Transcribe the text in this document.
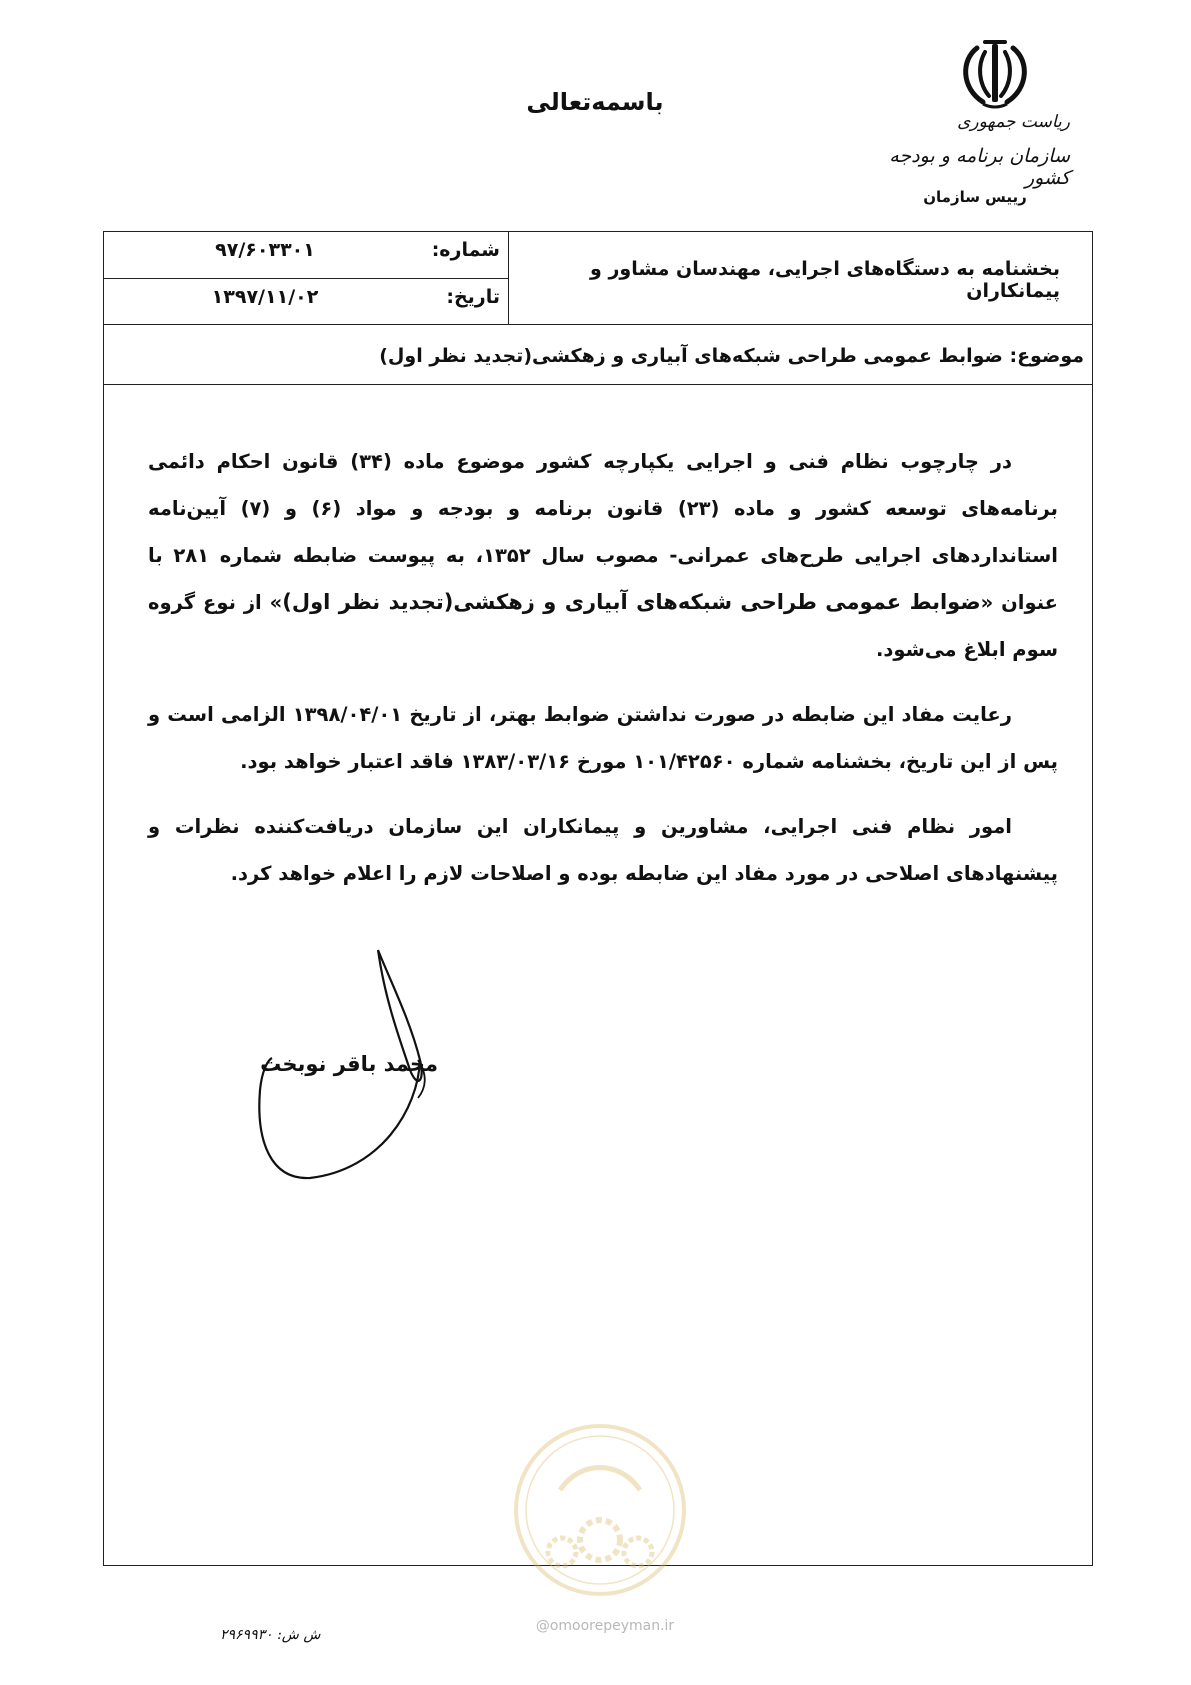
باسمه‌تعالی
ریاست جمهوری
سازمان برنامه و بودجه کشور
رییس سازمان
بخشنامه به دستگاه‌های اجرایی، مهندسان مشاور و پیمانکاران
شماره:
۹۷/۶۰۳۳۰۱
تاریخ:
۱۳۹۷/۱۱/۰۲
موضوع: ضوابط عمومی طراحی شبکه‌های آبیاری و زهکشی(تجدید نظر اول)

در چارچوب نظام فنی و اجرایی یکپارچه کشور موضوع ماده (۳۴) قانون احکام دائمی برنامه‌های توسعه کشور و ماده (۲۳) قانون برنامه و بودجه و مواد (۶) و (۷) آیین‌نامه استانداردهای اجرایی طرح‌های عمرانی- مصوب سال ۱۳۵۲، به پیوست ضابطه شماره ۲۸۱ با عنوان «ضوابط عمومی طراحی شبکه‌های آبیاری و زهکشی(تجدید نظر اول)» از نوع گروه سوم ابلاغ می‌شود.

رعایت مفاد این ضابطه در صورت نداشتن ضوابط بهتر، از تاریخ ۱۳۹۸/۰۴/۰۱ الزامی است و پس از این تاریخ، بخشنامه شماره ۱۰۱/۴۲۵۶۰ مورخ ۱۳۸۳/۰۳/۱۶ فاقد اعتبار خواهد بود.

امور نظام فنی اجرایی، مشاورین و پیمانکاران این سازمان دریافت‌کننده نظرات و پیشنهادهای اصلاحی در مورد مفاد این ضابطه بوده و اصلاحات لازم را اعلام خواهد کرد.

محمد باقر نوبخت
@omoorepeyman.ir
ش ش: ۲۹۶۹۹۳۰
